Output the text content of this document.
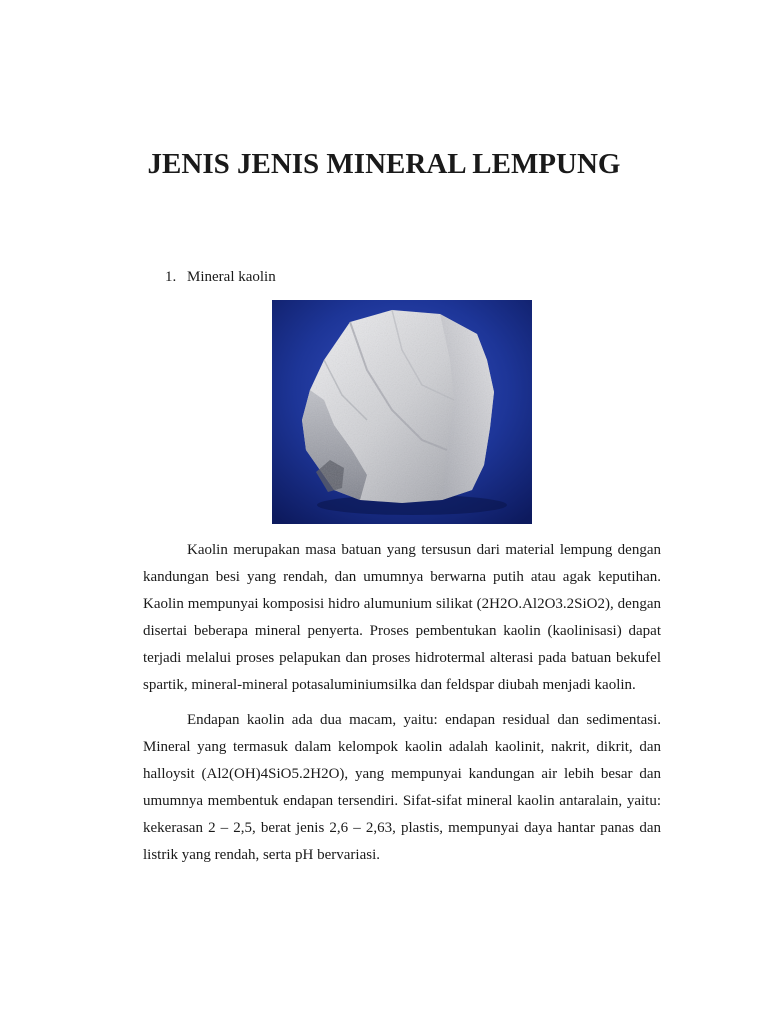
JENIS JENIS MINERAL LEMPUNG
1. Mineral kaolin

Kaolin merupakan masa batuan yang tersusun dari material lempung dengan kandungan besi yang rendah, dan umumnya berwarna putih atau agak keputihan. Kaolin mempunyai komposisi hidro alumunium silikat (2H2O.Al2O3.2SiO2), dengan disertai beberapa mineral penyerta. Proses pembentukan kaolin (kaolinisasi) dapat terjadi melalui proses pelapukan dan proses hidrotermal alterasi pada batuan bekufel spartik, mineral-mineral potasaluminiumsilka dan feldspar diubah menjadi kaolin.

Endapan kaolin ada dua macam, yaitu: endapan residual dan sedimentasi. Mineral yang termasuk dalam kelompok kaolin adalah kaolinit, nakrit, dikrit, dan halloysit (Al2(OH)4SiO5.2H2O), yang mempunyai kandungan air lebih besar dan umumnya membentuk endapan tersendiri. Sifat-sifat mineral kaolin antaralain, yaitu: kekerasan 2 – 2,5, berat jenis 2,6 – 2,63, plastis, mempunyai daya hantar panas dan listrik yang rendah, serta pH bervariasi.
